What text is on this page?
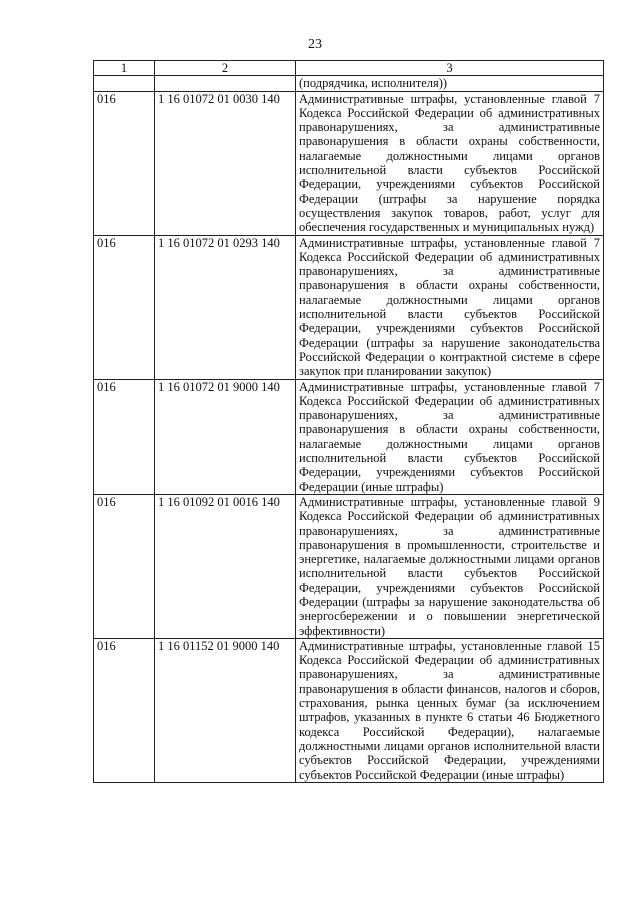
23
1	2	3
		(подрядчика, исполнителя))
016	1 16 01072 01 0030 140	Административные штрафы, установленные главой 7 Кодекса Российской Федерации об административных правонарушениях, за административные правонарушения в области охраны собственности, налагаемые должностными лицами органов исполнительной власти субъектов Российской Федерации, учреждениями субъектов Российской Федерации (штрафы за нарушение порядка осуществления закупок товаров, работ, услуг для обеспечения государственных и муниципальных нужд)
016	1 16 01072 01 0293 140	Административные штрафы, установленные главой 7 Кодекса Российской Федерации об административных правонарушениях, за административные правонарушения в области охраны собственности, налагаемые должностными лицами органов исполнительной власти субъектов Российской Федерации, учреждениями субъектов Российской Федерации (штрафы за нарушение законодательства Российской Федерации о контрактной системе в сфере закупок при планировании закупок)
016	1 16 01072 01 9000 140	Административные штрафы, установленные главой 7 Кодекса Российской Федерации об административных правонарушениях, за административные правонарушения в области охраны собственности, налагаемые должностными лицами органов исполнительной власти субъектов Российской Федерации, учреждениями субъектов Российской Федерации (иные штрафы)
016	1 16 01092 01 0016 140	Административные штрафы, установленные главой 9 Кодекса Российской Федерации об административных правонарушениях, за административные правонарушения в промышленности, строительстве и энергетике, налагаемые должностными лицами органов исполнительной власти субъектов Российской Федерации, учреждениями субъектов Российской Федерации (штрафы за нарушение законодательства об энергосбережении и о повышении энергетической эффективности)
016	1 16 01152 01 9000 140	Административные штрафы, установленные главой 15 Кодекса Российской Федерации об административных правонарушениях, за административные правонарушения в области финансов, налогов и сборов, страхования, рынка ценных бумаг (за исключением штрафов, указанных в пункте 6 статьи 46 Бюджетного кодекса Российской Федерации), налагаемые должностными лицами органов исполнительной власти субъектов Российской Федерации, учреждениями субъектов Российской Федерации (иные штрафы)
